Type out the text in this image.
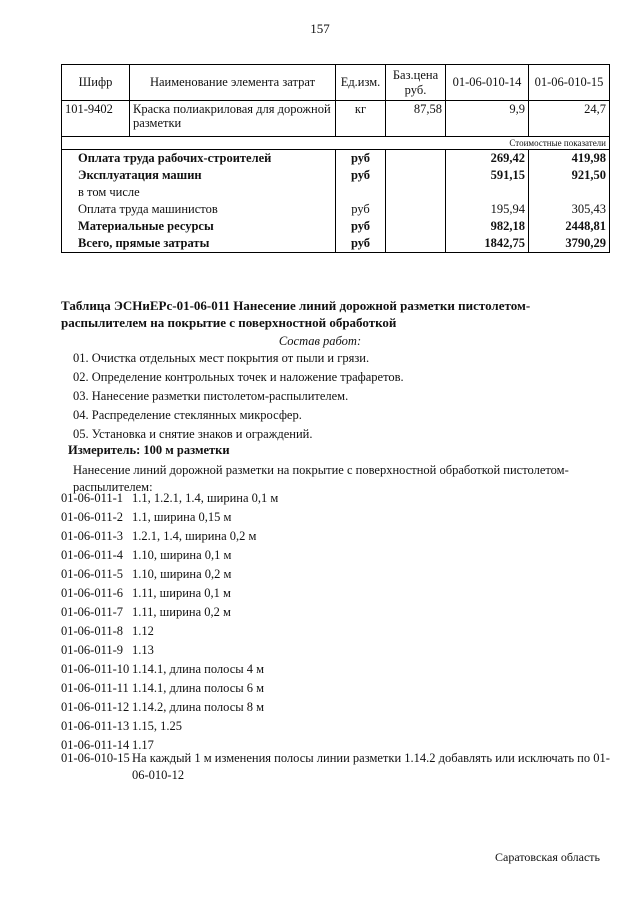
157
Шифр	Наименование элемента затрат	Ед.изм.	Баз.цена руб.	01-06-010-14	01-06-010-15
101-9402	Краска полиакриловая для дорожной разметки	кг	87,58	9,9	24,7
Стоимостные показатели					
Оплата труда рабочих-строителей		руб		269,42	419,98
Эксплуатация машин		руб		591,15	921,50
в том числе					
Оплата труда машинистов		руб		195,94	305,43
Материальные ресурсы		руб		982,18	2448,81
Всего, прямые затраты		руб		1842,75	3790,29
Таблица ЭСНиЕРс-01-06-011 Нанесение линий дорожной разметки пистолетом-распылителем на покрытие с поверхностной обработкой
Состав работ:
01. Очистка отдельных мест покрытия от пыли и грязи.
02. Определение контрольных точек и наложение трафаретов.
03. Нанесение разметки пистолетом-распылителем.
04. Распределение стеклянных микросфер.
05. Установка и снятие знаков и ограждений.
Измеритель: 100 м разметки
Нанесение линий дорожной разметки на покрытие с поверхностной обработкой пистолетом-распылителем:
01-06-011-1 1.1, 1.2.1, 1.4, ширина 0,1 м
01-06-011-2 1.1, ширина 0,15 м
01-06-011-3 1.2.1, 1.4, ширина 0,2 м
01-06-011-4 1.10, ширина 0,1 м
01-06-011-5 1.10, ширина 0,2 м
01-06-011-6 1.11, ширина 0,1 м
01-06-011-7 1.11, ширина 0,2 м
01-06-011-8 1.12
01-06-011-9 1.13
01-06-011-10 1.14.1, длина полосы 4 м
01-06-011-11 1.14.1, длина полосы 6 м
01-06-011-12 1.14.2, длина полосы 8 м
01-06-011-13 1.15, 1.25
01-06-011-14 1.17
01-06-010-15 На каждый 1 м изменения полосы линии разметки 1.14.2 добавлять или исключать по 01-06-010-12
Саратовская область
